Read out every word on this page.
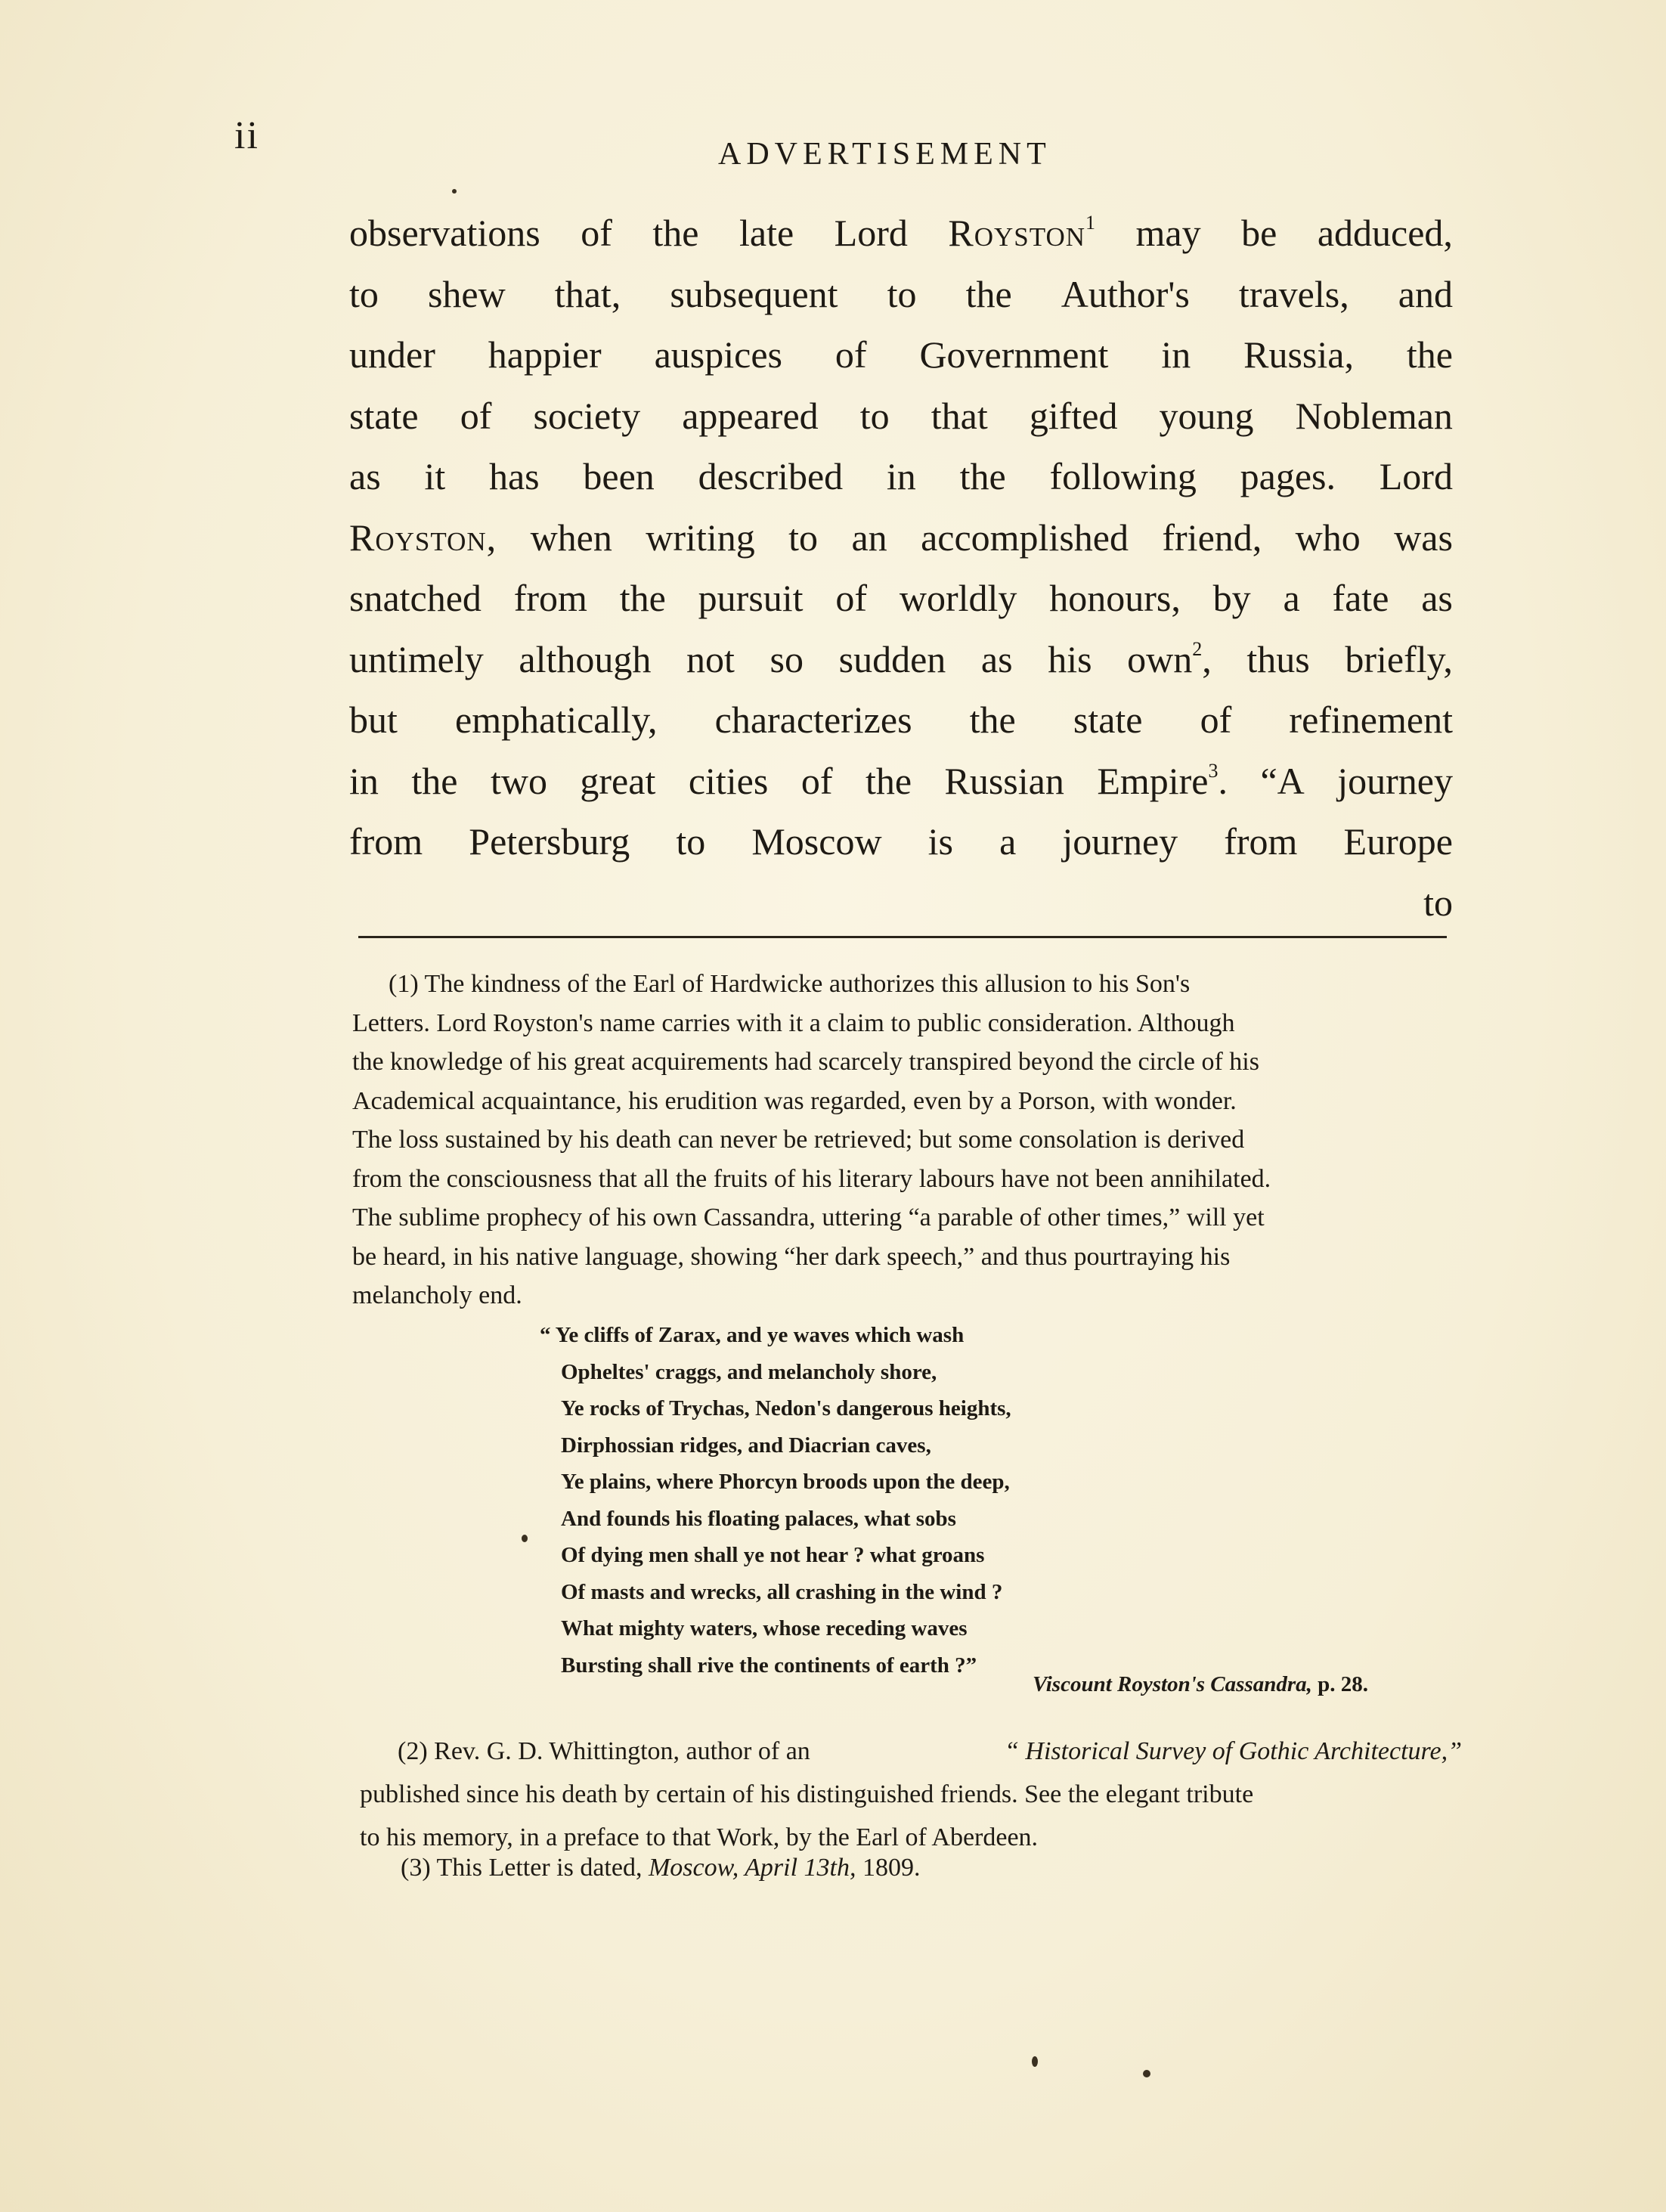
ii	ADVERTISEMENT
observations of the late Lord Royston$^1$ may be adduced,
to shew that, subsequent to the Author's travels, and
under happier auspices of Government in Russia, the
state of society appeared to that gifted young Nobleman
as it has been described in the following pages. Lord
Royston, when writing to an accomplished friend, who was
snatched from the pursuit of worldly honours, by a fate as
untimely although not so sudden as his own$^2$, thus briefly,
but emphatically, characterizes the state of refinement
in the two great cities of the Russian Empire$^3$. “A journey
from Petersburg to Moscow is a journey from Europe
to
(1) The kindness of the Earl of Hardwicke authorizes this allusion to his Son's
Letters. Lord Royston's name carries with it a claim to public consideration. Although
the knowledge of his great acquirements had scarcely transpired beyond the circle of his
Academical acquaintance, his erudition was regarded, even by a Porson, with wonder.
The loss sustained by his death can never be retrieved; but some consolation is derived
from the consciousness that all the fruits of his literary labours have not been annihilated.
The sublime prophecy of his own Cassandra, uttering “a parable of other times,” will yet
be heard, in his native language, showing “her dark speech,” and thus pourtraying his
melancholy end.
“ Ye cliffs of Zarax, and ye waves which wash
Opheltes' craggs, and melancholy shore,
Ye rocks of Trychas, Nedon's dangerous heights,
Dirphossian ridges, and Diacrian caves,
Ye plains, where Phorcyn broods upon the deep,
And founds his floating palaces, what sobs
Of dying men shall ye not hear ? what groans
Of masts and wrecks, all crashing in the wind ?
What mighty waters, whose receding waves
Bursting shall rive the continents of earth ?”
Viscount Royston's Cassandra, p. 28.
(2) Rev. G. D. Whittington, author of an	“ Historical Survey of Gothic Architecture,”
published since his death by certain of his distinguished friends. See the elegant tribute
to his memory, in a preface to that Work, by the Earl of Aberdeen.
(3) This Letter is dated, Moscow, April 13th, 1809.
